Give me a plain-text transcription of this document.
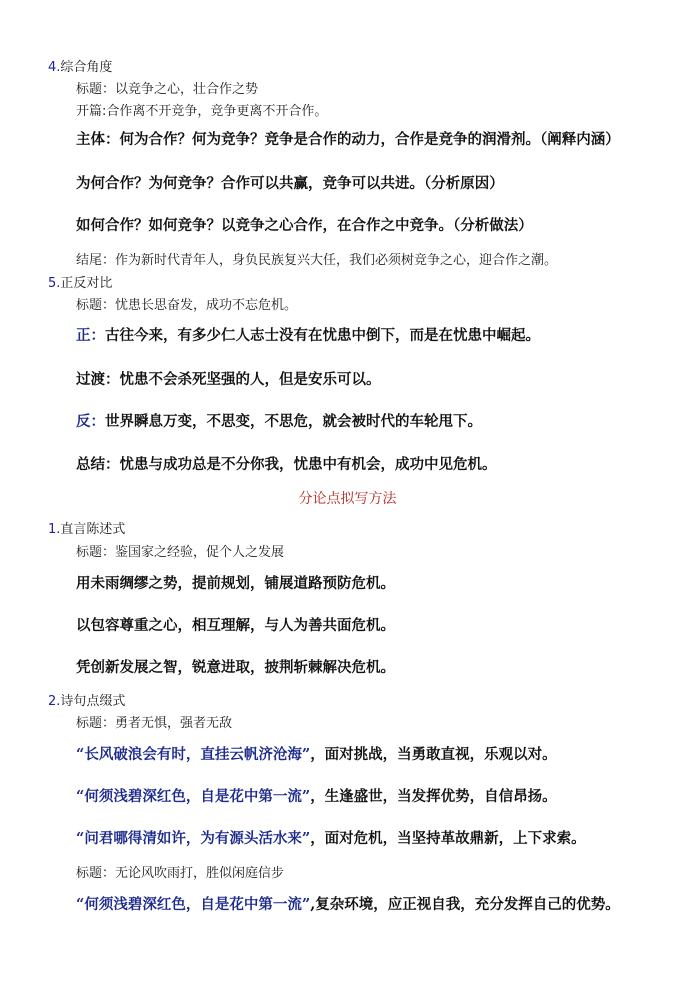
4.综合角度
标题：以竞争之心，壮合作之势
开篇:合作离不开竞争，竞争更离不开合作。
主体：何为合作？何为竞争？竞争是合作的动力，合作是竞争的润滑剂。（阐释内涵）
为何合作？为何竞争？合作可以共赢，竞争可以共进。（分析原因）
如何合作？如何竞争？以竞争之心合作，在合作之中竞争。（分析做法）
结尾：作为新时代青年人，身负民族复兴大任，我们必须树竞争之心，迎合作之潮。
5.正反对比
标题：忧患长思奋发，成功不忘危机。
正：古往今来，有多少仁人志士没有在忧患中倒下，而是在忧患中崛起。
过渡：忧患不会杀死坚强的人，但是安乐可以。
反：世界瞬息万变，不思变，不思危，就会被时代的车轮甩下。
总结：忧患与成功总是不分你我，忧患中有机会，成功中见危机。
分论点拟写方法
1.直言陈述式
标题：鉴国家之经验，促个人之发展
用未雨绸缪之势，提前规划，铺展道路预防危机。
以包容尊重之心，相互理解，与人为善共面危机。
凭创新发展之智，锐意进取，披荆斩棘解决危机。
2.诗句点缀式
标题：勇者无惧，强者无敌
“长风破浪会有时，直挂云帆济沧海”，面对挑战，当勇敢直视，乐观以对。
“何须浅碧深红色，自是花中第一流”，生逢盛世，当发挥优势，自信昂扬。
“问君哪得清如许，为有源头活水来”，面对危机，当坚持革故鼎新，上下求索。
标题：无论风吹雨打，胜似闲庭信步
“何须浅碧深红色，自是花中第一流”,复杂环境，应正视自我，充分发挥自己的优势。
